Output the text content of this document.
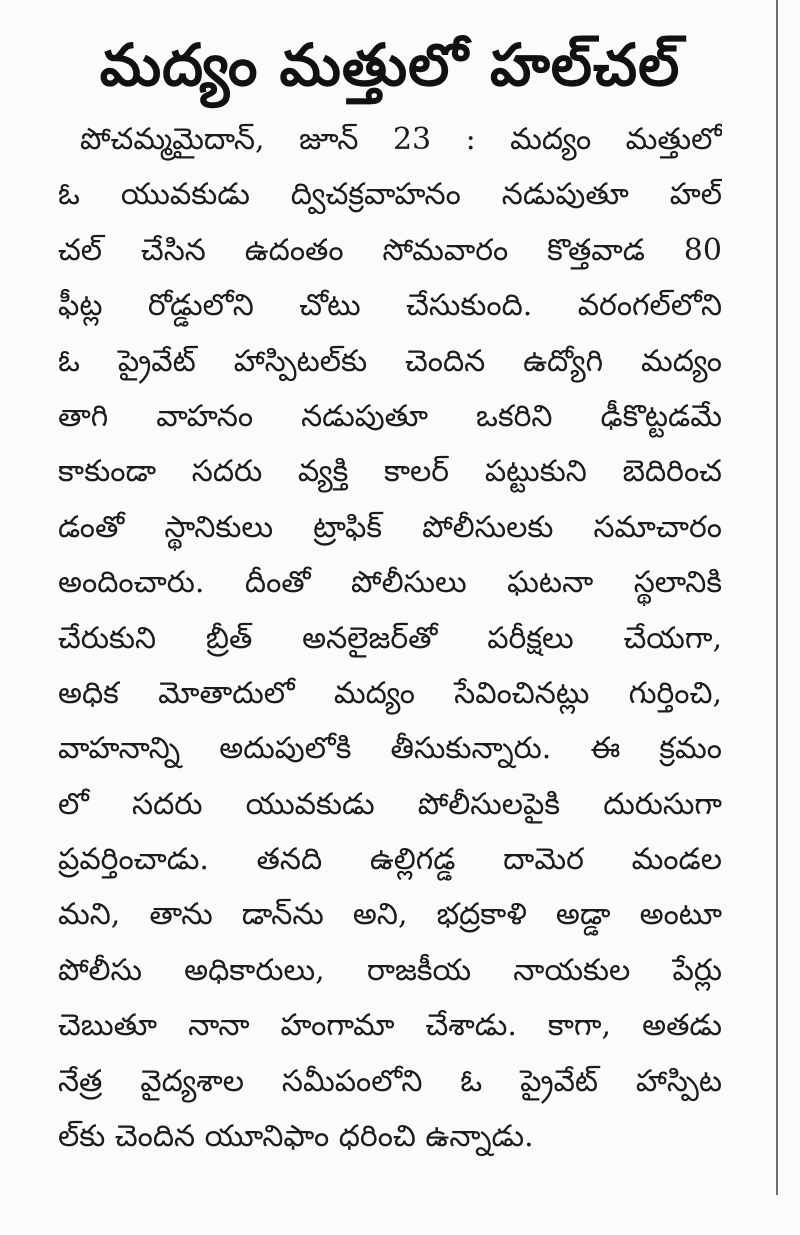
మద్యం మత్తులో హల్‌చల్
పోచమ్మమైదాన్, జూన్ 23 : మద్యం మత్తులో
ఓ యువకుడు ద్విచక్రవాహనం నడుపుతూ హల్
చల్ చేసిన ఉదంతం సోమవారం కొత్తవాడ 80
ఫీట్ల రోడ్డులోని చోటు చేసుకుంది. వరంగల్‌లోని
ఓ ప్రైవేట్ హాస్పిటల్‌కు చెందిన ఉద్యోగి మద్యం
తాగి వాహనం నడుపుతూ ఒకరిని ఢీకొట్టడమే
కాకుండా సదరు వ్యక్తి కాలర్ పట్టుకుని బెదిరించ
డంతో స్థానికులు ట్రాఫిక్ పోలీసులకు సమాచారం
అందించారు. దీంతో పోలీసులు ఘటనా స్థలానికి
చేరుకుని బ్రీత్ అనలైజర్‌తో పరీక్షలు చేయగా,
అధిక మోతాదులో మద్యం సేవించినట్లు గుర్తించి,
వాహనాన్ని అదుపులోకి తీసుకున్నారు. ఈ క్రమం
లో సదరు యువకుడు పోలీసులపైకి దురుసుగా
ప్రవర్తించాడు. తనది ఉల్లిగడ్డ దామెర మండల
మని, తాను డాన్‌ను అని, భద్రకాళి అడ్డా అంటూ
పోలీసు అధికారులు, రాజకీయ నాయకుల పేర్లు
చెబుతూ నానా హంగామా చేశాడు. కాగా, అతడు
నేత్ర వైద్యశాల సమీపంలోని ఓ ప్రైవేట్ హాస్పిట
ల్‌కు చెందిన యూనిఫాం ధరించి ఉన్నాడు.
